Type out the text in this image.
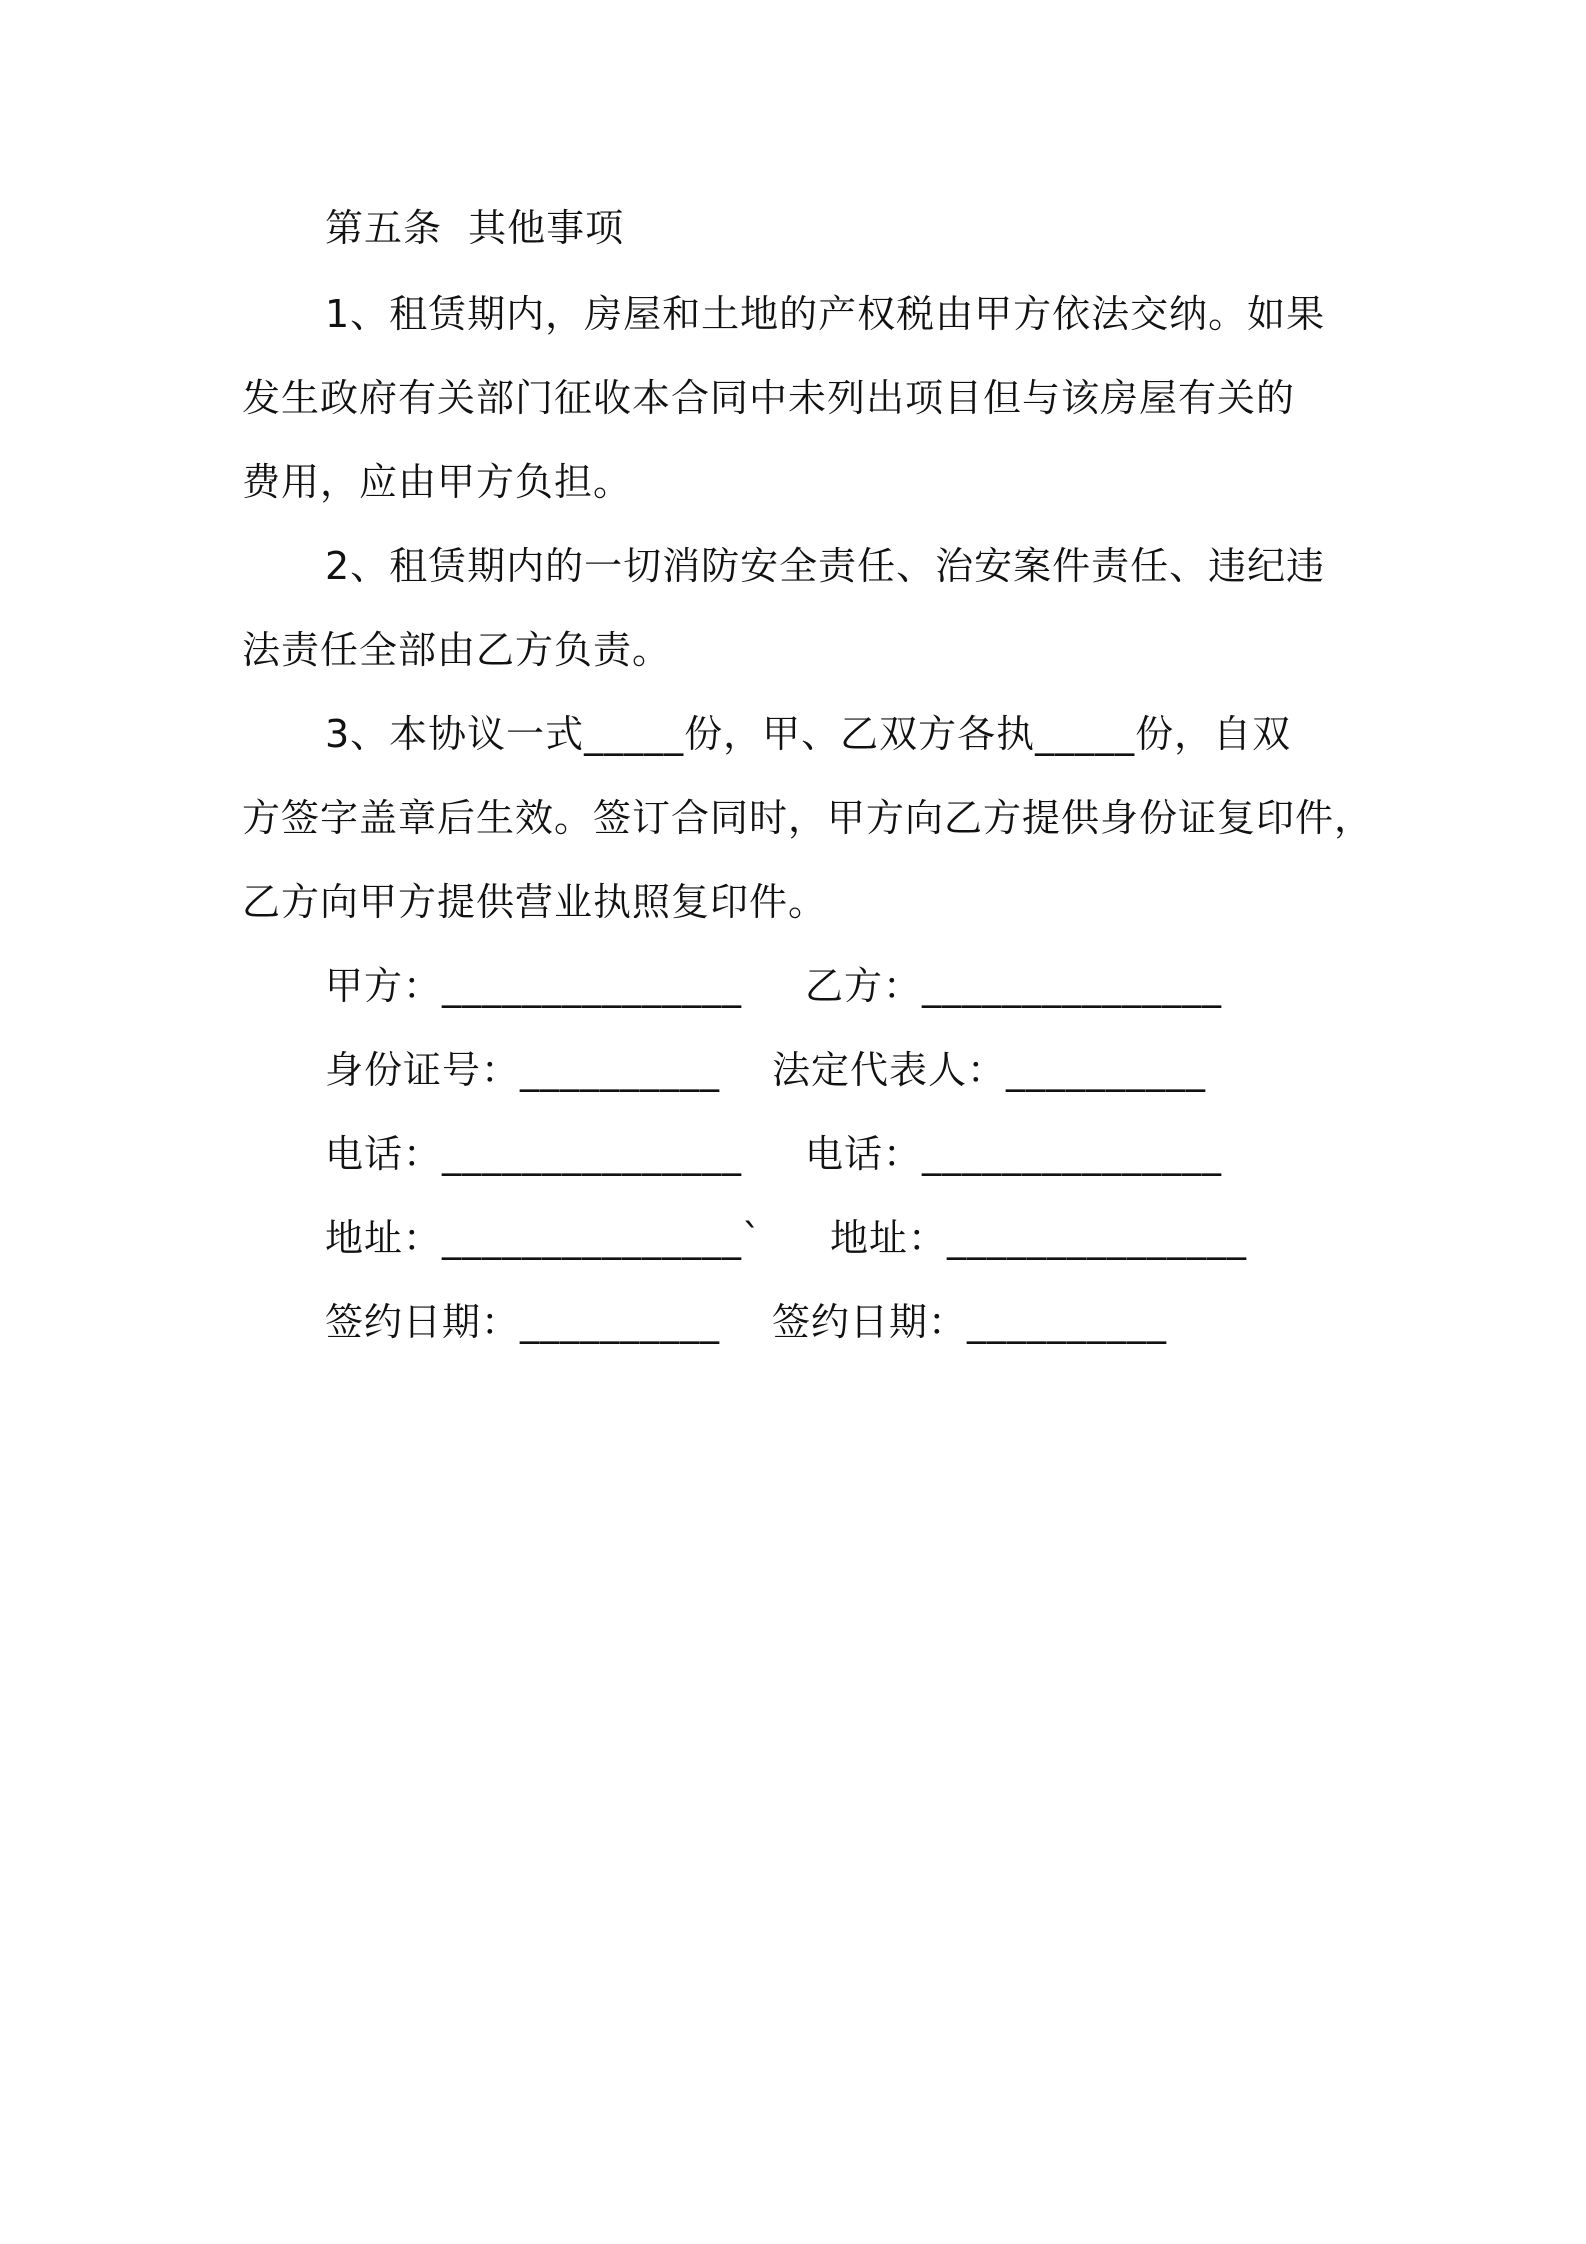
第五条  其他事项
1、租赁期内，房屋和土地的产权税由甲方依法交纳。如果
发生政府有关部门征收本合同中未列出项目但与该房屋有关的
费用，应由甲方负担。
2、租赁期内的一切消防安全责任、治安案件责任、违纪违
法责任全部由乙方负责。
3、本协议一式_____份，甲、乙双方各执_____份，自双
方签字盖章后生效。签订合同时，甲方向乙方提供身份证复印件，
乙方向甲方提供营业执照复印件。
甲方：_______________ 乙方：_______________
身份证号：__________ 法定代表人：__________
电话：_______________ 电话：_______________
地址：_______________` 地址：_______________
签约日期：__________ 签约日期：__________
